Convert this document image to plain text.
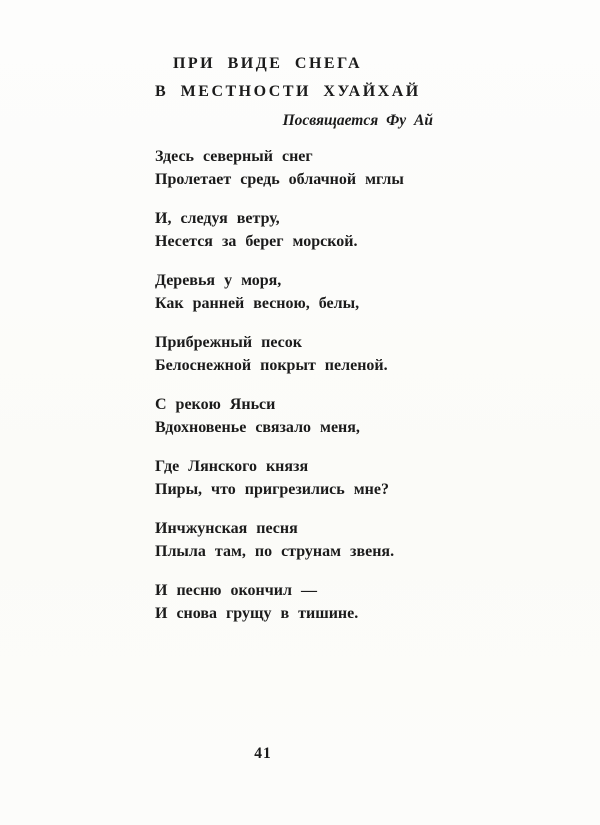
ПРИ ВИДЕ СНЕГА
В МЕСТНОСТИ ХУАЙХАЙ
Посвящается Фу Ай
Здесь северный снег
Пролетает средь облачной мглы
И, следуя ветру,
Несется за берег морской.
Деревья у моря,
Как ранней весною, белы,
Прибрежный песок
Белоснежной покрыт пеленой.
С рекою Яньси
Вдохновенье связало меня,
Где Лянского князя
Пиры, что пригрезились мне?
Инчжунская песня
Плыла там, по струнам звеня.
И песню окончил —
И снова грущу в тишине.
41
